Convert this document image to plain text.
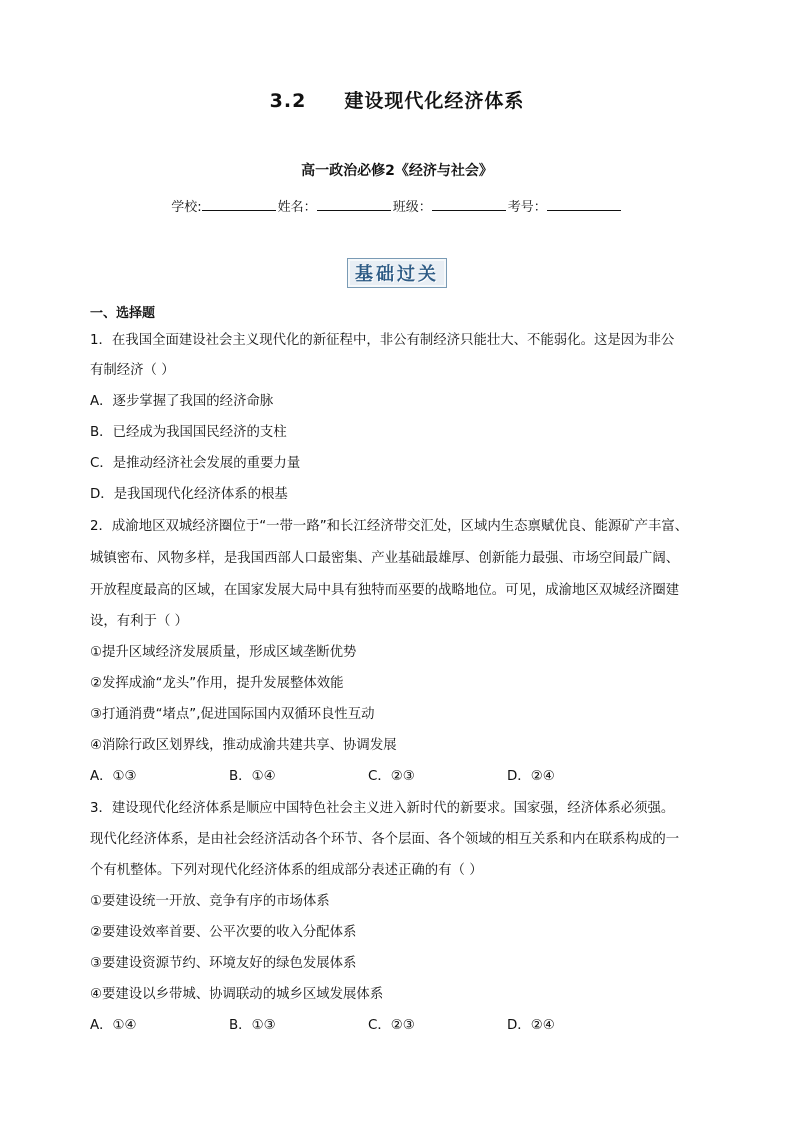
3.2 建设现代化经济体系
高一政治必修2《经济与社会》
学校:	姓名：	班级：	考号：
基础过关
一、选择题
1．在我国全面建设社会主义现代化的新征程中，非公有制经济只能壮大、不能弱化。这是因为非公
有制经济（ ）
A．逐步掌握了我国的经济命脉
B．已经成为我国国民经济的支柱
C．是推动经济社会发展的重要力量
D．是我国现代化经济体系的根基
2．成渝地区双城经济圈位于“一带一路”和长江经济带交汇处，区域内生态禀赋优良、能源矿产丰富、
城镇密布、风物多样，是我国西部人口最密集、产业基础最雄厚、创新能力最强、市场空间最广阔、
开放程度最高的区域，在国家发展大局中具有独特而巫要的战略地位。可见，成渝地区双城经济圈建
设，有利于（ ）
①提升区域经济发展质量，形成区域垄断优势
②发挥成渝“龙头”作用，提升发展整体效能
③打通消费“堵点”,促进国际国内双循环良性互动
④消除行政区划界线，推动成渝共建共享、协调发展
A．①③	B．①④	C．②③	D．②④
3．建设现代化经济体系是顺应中国特色社会主义进入新时代的新要求。国家强，经济体系必须强。
现代化经济体系，是由社会经济活动各个环节、各个层面、各个领域的相互关系和内在联系构成的一
个有机整体。下列对现代化经济体系的组成部分表述正确的有（ ）
①要建设统一开放、竞争有序的市场体系
②要建设效率首要、公平次要的收入分配体系
③要建设资源节约、环境友好的绿色发展体系
④要建设以乡带城、协调联动的城乡区域发展体系
A．①④	B．①③	C．②③	D．②④
